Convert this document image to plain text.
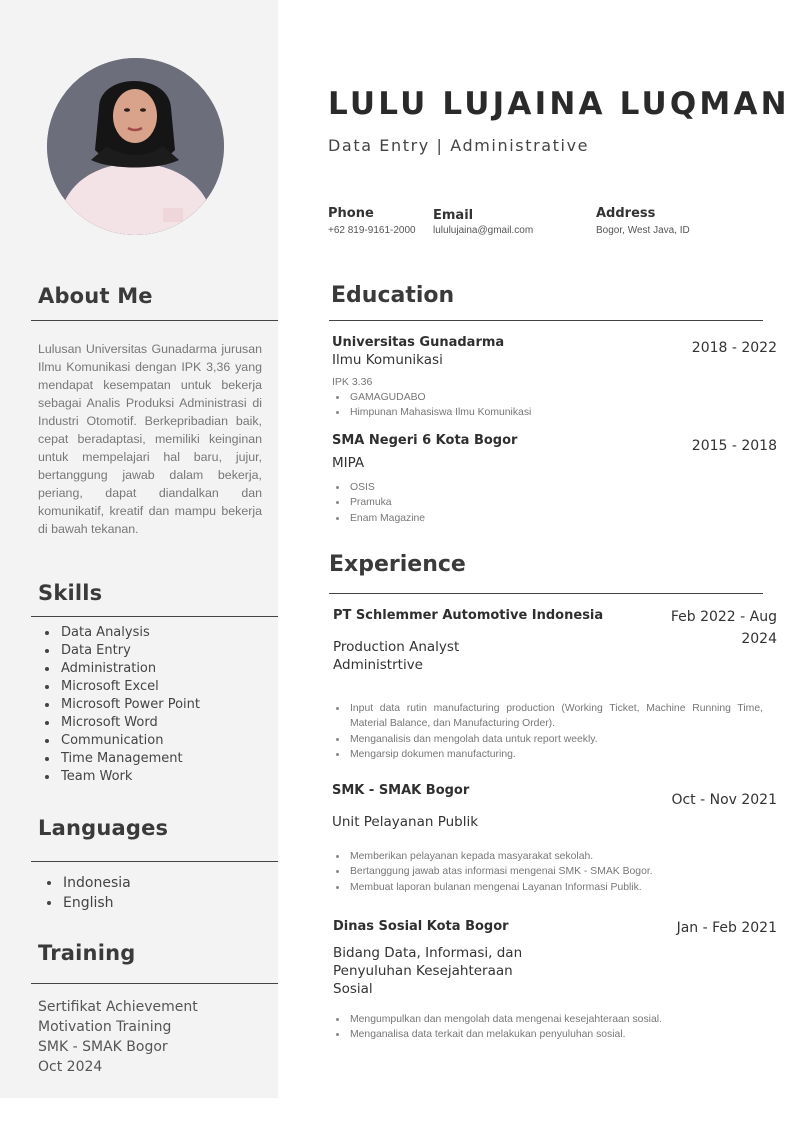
About Me

Lulusan Universitas Gunadarma jurusan Ilmu Komunikasi dengan IPK 3,36 yang mendapat kesempatan untuk bekerja sebagai Analis Produksi Administrasi di Industri Otomotif. Berkepribadian baik, cepat beradaptasi, memiliki keinginan untuk mempelajari hal baru, jujur, bertanggung jawab dalam bekerja, periang, dapat diandalkan dan komunikatif, kreatif dan mampu bekerja di bawah tekanan.

Skills
Data Analysis
Data Entry
Administration
Microsoft Excel
Microsoft Power Point
Microsoft Word
Communication
Time Management
Team Work
Languages
Indonesia
English
Training
Sertifikat Achievement
Motivation Training
SMK - SMAK Bogor
Oct 2024
LULU LUJAINA LUQMAN
Data Entry | Administrative
Phone
+62 819-9161-2000
Email
lululujaina@gmail.com
Address
Bogor, West Java, ID
Education
Universitas Gunadarma
Ilmu Komunikasi
2018 - 2022
IPK 3.36
GAMAGUDABO
Himpunan Mahasiswa Ilmu Komunikasi
SMA Negeri 6 Kota Bogor
MIPA
2015 - 2018
OSIS
Pramuka
Enam Magazine
Experience
PT Schlemmer Automotive Indonesia	Feb 2022 - Aug
2024
Production Analyst
Administrtive
Input data rutin manufacturing production (Working Ticket, Machine Running Time, Material Balance, dan Manufacturing Order).
Menganalisis dan mengolah data untuk report weekly.
Mengarsip dokumen manufacturing.
SMK - SMAK Bogor
Oct - Nov 2021
Unit Pelayanan Publik
Memberikan pelayanan kepada masyarakat sekolah.
Bertanggung jawab atas informasi mengenai SMK - SMAK Bogor.
Membuat laporan bulanan mengenai Layanan Informasi Publik.
Dinas Sosial Kota Bogor	Jan - Feb 2021
Bidang Data, Informasi, dan
Penyuluhan Kesejahteraan
Sosial
Mengumpulkan dan mengolah data mengenai kesejahteraan sosial.
Menganalisa data terkait dan melakukan penyuluhan sosial.
